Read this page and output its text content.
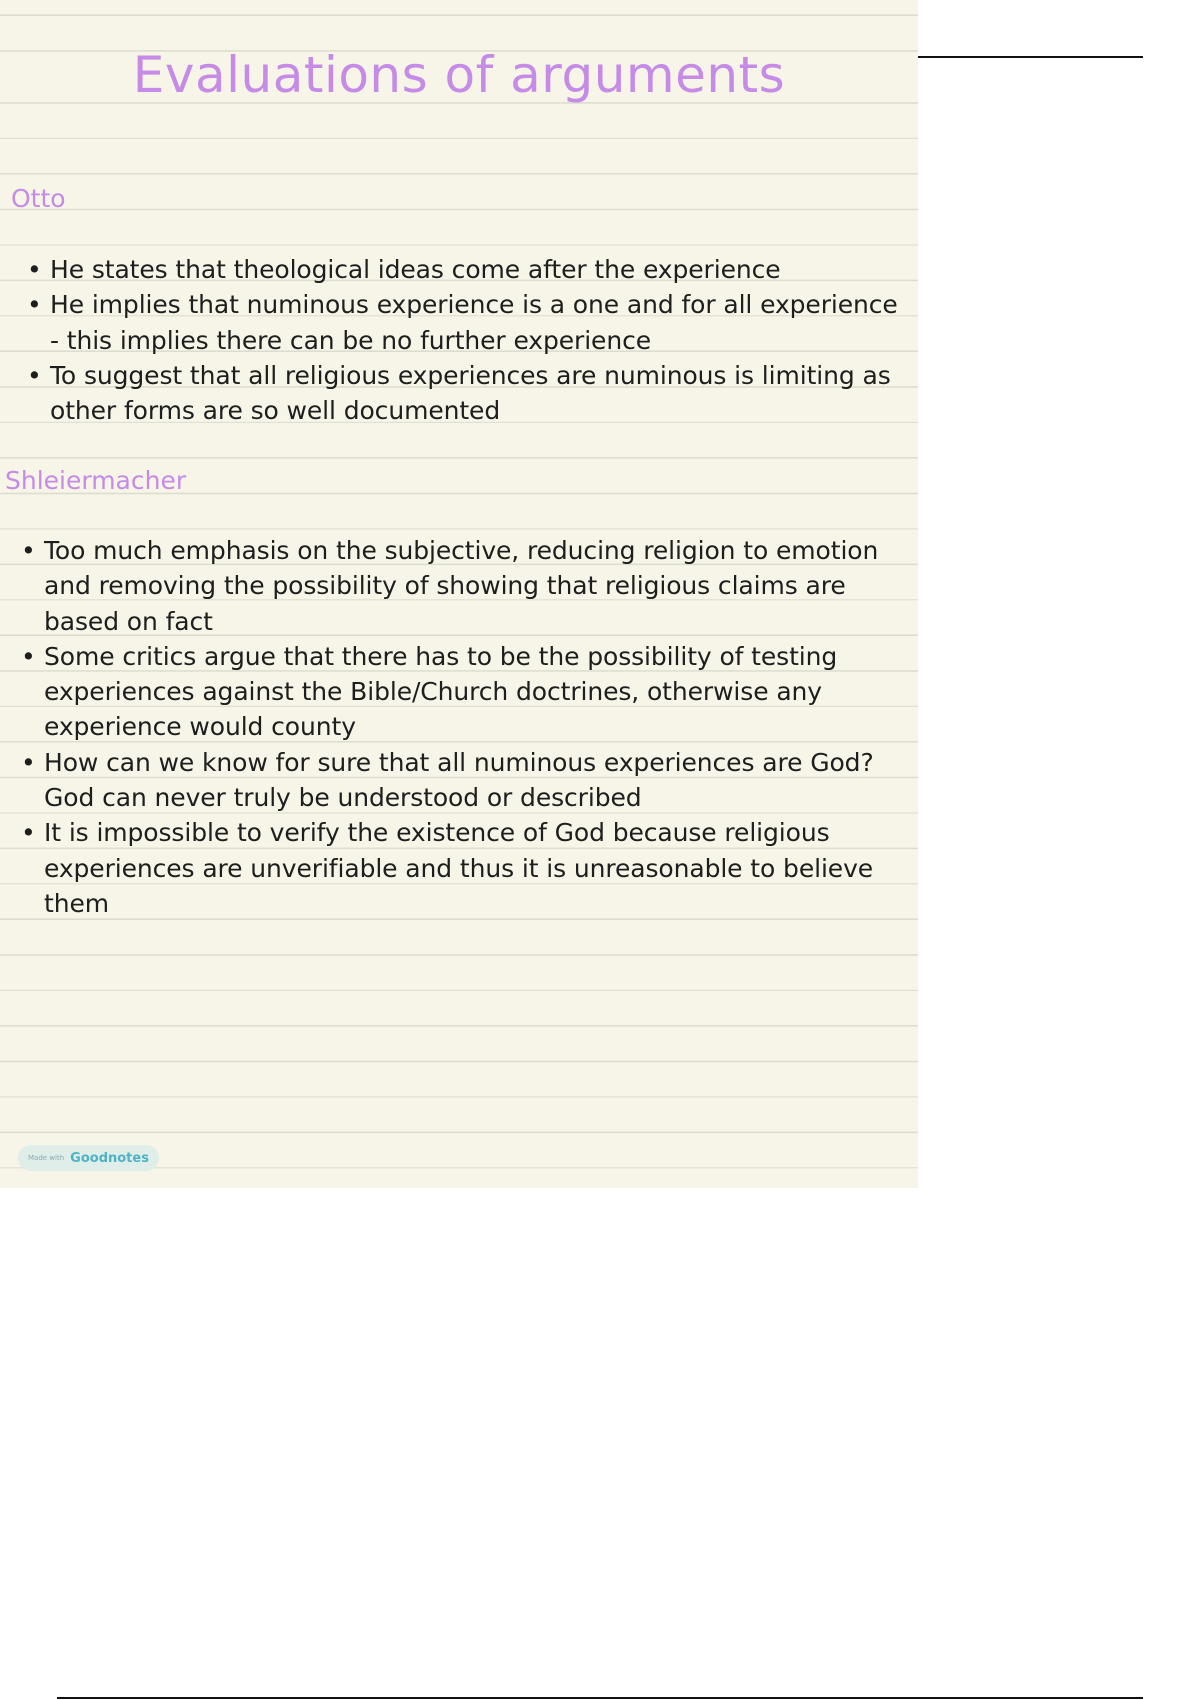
Evaluations of arguments
Otto
• He states that theological ideas come after the experience
• He implies that numinous experience is a one and for all experience - this implies there can be no further experience
• To suggest that all religious experiences are numinous is limiting as other forms are so well documented
Shleiermacher
• Too much emphasis on the subjective, reducing religion to emotion and removing the possibility of showing that religious claims are based on fact
• Some critics argue that there has to be the possibility of testing experiences against the Bible/Church doctrines, otherwise any experience would county
• How can we know for sure that all numinous experiences are God? God can never truly be understood or described
• It is impossible to verify the existence of God because religious experiences are unverifiable and thus it is unreasonable to believe them
Made with Goodnotes
